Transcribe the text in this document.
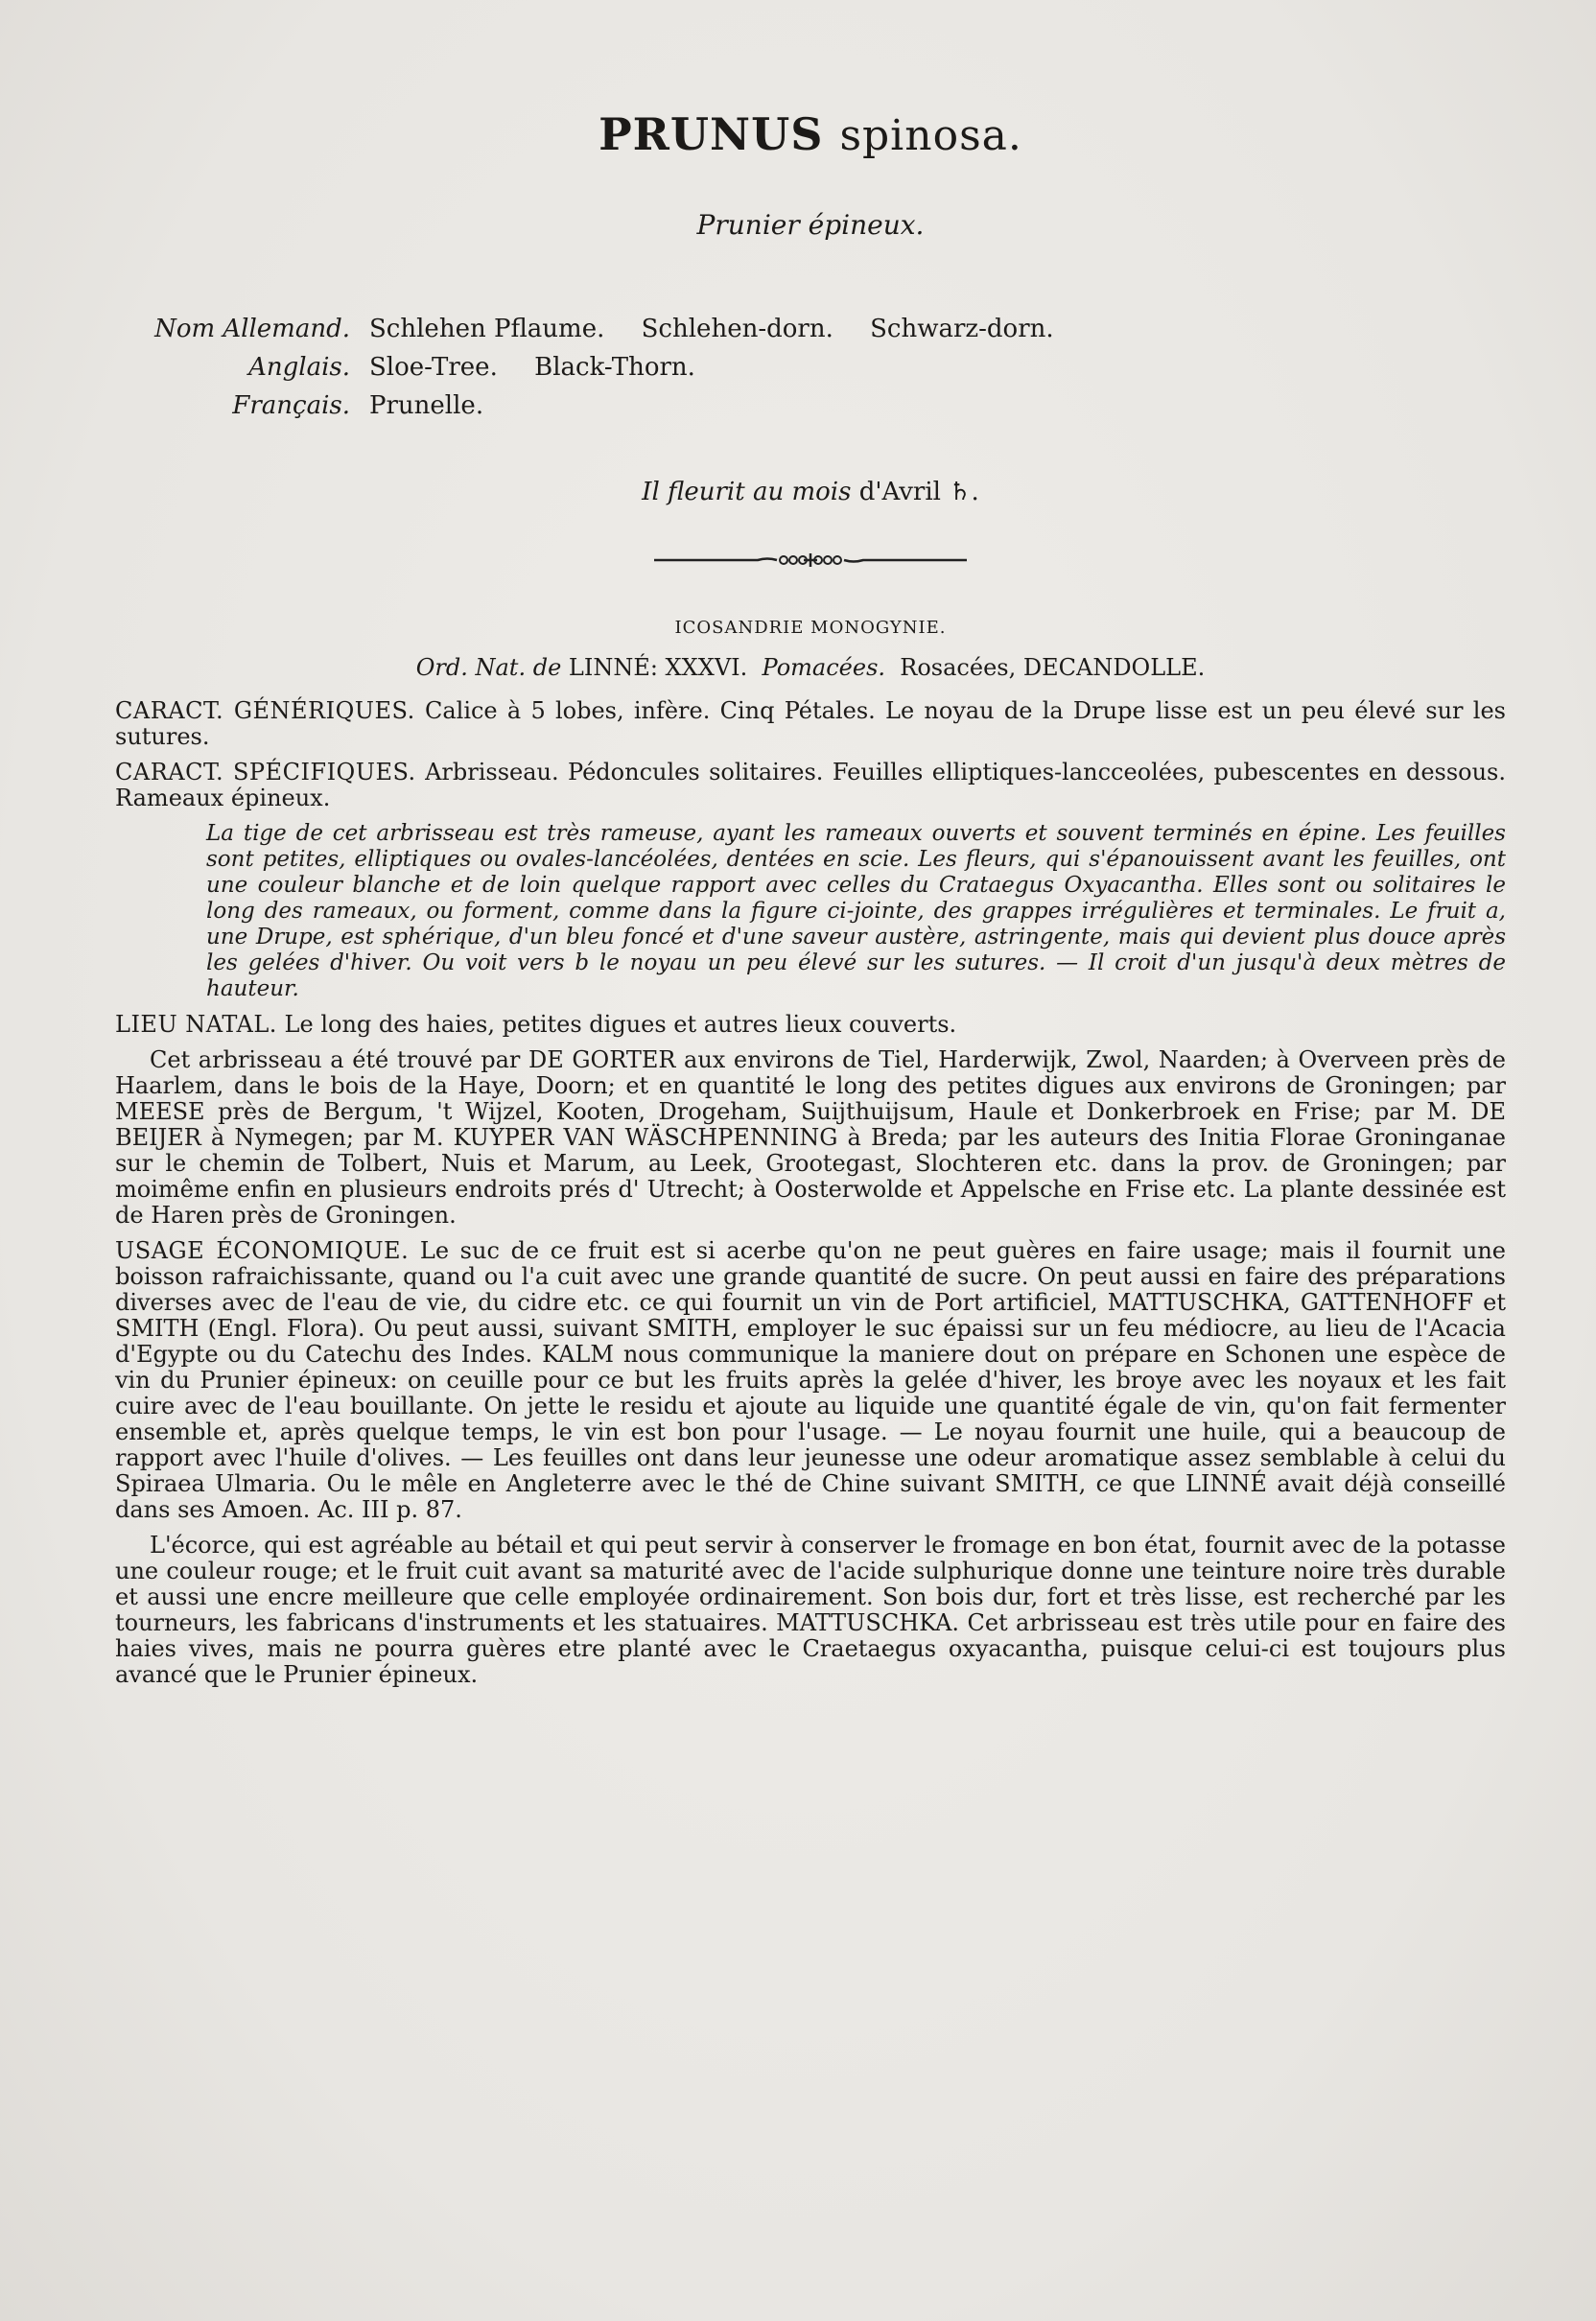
PRUNUS spinosa.
Prunier épineux.
Nom Allemand. Schlehen Pflaume. Schlehen-dorn. Schwarz-dorn.
Anglais. Sloe-Tree. Black-Thorn.
Français. Prunelle.
Il fleurit au mois d'Avril ♄.
ICOSANDRIE MONOGYNIE.
Ord. Nat. de LINNÉ: XXXVI. Pomacées. Rosacées, DECANDOLLE.

CARACT. GÉNÉRIQUES. Calice à 5 lobes, infère. Cinq Pétales. Le noyau de la Drupe lisse est un peu élevé sur les sutures.

CARACT. SPÉCIFIQUES. Arbrisseau. Pédoncules solitaires. Feuilles elliptiques-lancceolées, pubescentes en dessous. Rameaux épineux.

La tige de cet arbrisseau est très rameuse, ayant les rameaux ouverts et souvent terminés en épine. Les feuilles sont petites, elliptiques ou ovales-lancéolées, dentées en scie. Les fleurs, qui s'épanouissent avant les feuilles, ont une couleur blanche et de loin quelque rapport avec celles du Crataegus Oxyacantha. Elles sont ou solitaires le long des rameaux, ou forment, comme dans la figure ci-jointe, des grappes irrégulières et terminales. Le fruit a, une Drupe, est sphérique, d'un bleu foncé et d'une saveur austère, astringente, mais qui devient plus douce après les gelées d'hiver. Ou voit vers b le noyau un peu élevé sur les sutures. — Il croit d'un jusqu'à deux mètres de hauteur.

LIEU NATAL. Le long des haies, petites digues et autres lieux couverts.

Cet arbrisseau a été trouvé par DE GORTER aux environs de Tiel, Harderwijk, Zwol, Naarden; à Overveen près de Haarlem, dans le bois de la Haye, Doorn; et en quantité le long des petites digues aux environs de Groningen; par MEESE près de Bergum, 't Wijzel, Kooten, Drogeham, Suijthuijsum, Haule et Donkerbroek en Frise; par M. DE BEIJER à Nymegen; par M. KUYPER VAN WÄSCHPENNING à Breda; par les auteurs des Initia Florae Groninganae sur le chemin de Tolbert, Nuis et Marum, au Leek, Grootegast, Slochteren etc. dans la prov. de Groningen; par moimême enfin en plusieurs endroits prés d' Utrecht; à Oosterwolde et Appelsche en Frise etc. La plante dessinée est de Haren près de Groningen.

USAGE ÉCONOMIQUE. Le suc de ce fruit est si acerbe qu'on ne peut guères en faire usage; mais il fournit une boisson rafraichissante, quand ou l'a cuit avec une grande quantité de sucre. On peut aussi en faire des préparations diverses avec de l'eau de vie, du cidre etc. ce qui fournit un vin de Port artificiel, MATTUSCHKA, GATTENHOFF et SMITH (Engl. Flora). Ou peut aussi, suivant SMITH, employer le suc épaissi sur un feu médiocre, au lieu de l'Acacia d'Egypte ou du Catechu des Indes. KALM nous communique la maniere dout on prépare en Schonen une espèce de vin du Prunier épineux: on ceuille pour ce but les fruits après la gelée d'hiver, les broye avec les noyaux et les fait cuire avec de l'eau bouillante. On jette le residu et ajoute au liquide une quantité égale de vin, qu'on fait fermenter ensemble et, après quelque temps, le vin est bon pour l'usage. — Le noyau fournit une huile, qui a beaucoup de rapport avec l'huile d'olives. — Les feuilles ont dans leur jeunesse une odeur aromatique assez semblable à celui du Spiraea Ulmaria. Ou le mêle en Angleterre avec le thé de Chine suivant SMITH, ce que LINNÉ avait déjà conseillé dans ses Amoen. Ac. III p. 87.

L'écorce, qui est agréable au bétail et qui peut servir à conserver le fromage en bon état, fournit avec de la potasse une couleur rouge; et le fruit cuit avant sa maturité avec de l'acide sulphurique donne une teinture noire très durable et aussi une encre meilleure que celle employée ordinairement. Son bois dur, fort et très lisse, est recherché par les tourneurs, les fabricans d'instruments et les statuaires. MATTUSCHKA. Cet arbrisseau est très utile pour en faire des haies vives, mais ne pourra guères etre planté avec le Craetaegus oxyacantha, puisque celui-ci est toujours plus avancé que le Prunier épineux.
